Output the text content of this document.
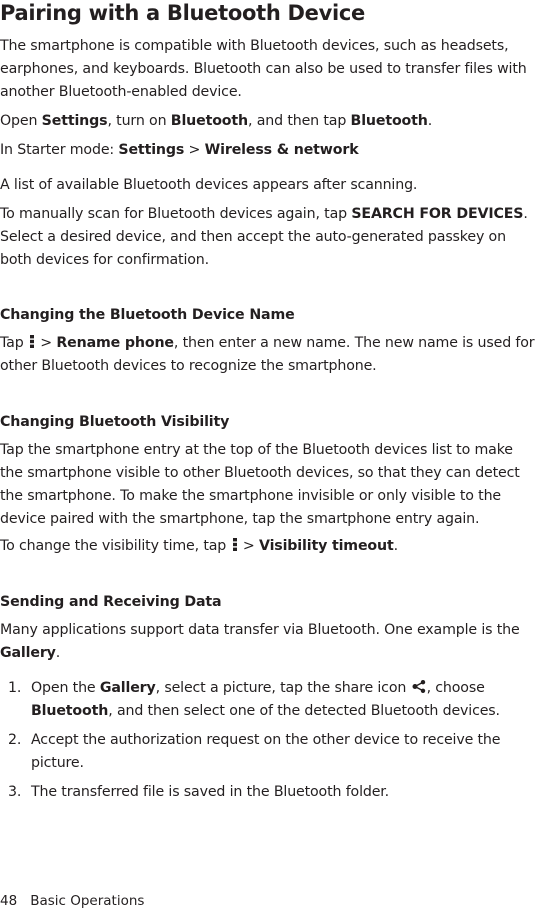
Pairing with a Bluetooth Device
The smartphone is compatible with Bluetooth devices, such as headsets,
earphones, and keyboards. Bluetooth can also be used to transfer files with
another Bluetooth-enabled device.
Open Settings, turn on Bluetooth, and then tap Bluetooth.
In Starter mode: Settings > Wireless & network
A list of available Bluetooth devices appears after scanning.
To manually scan for Bluetooth devices again, tap SEARCH FOR DEVICES.
Select a desired device, and then accept the auto-generated passkey on
both devices for confirmation.
Changing the Bluetooth Device Name
Tap  > Rename phone, then enter a new name. The new name is used for
other Bluetooth devices to recognize the smartphone.
Changing Bluetooth Visibility
Tap the smartphone entry at the top of the Bluetooth devices list to make
the smartphone visible to other Bluetooth devices, so that they can detect
the smartphone. To make the smartphone invisible or only visible to the
device paired with the smartphone, tap the smartphone entry again.
To change the visibility time, tap  > Visibility timeout.
Sending and Receiving Data
Many applications support data transfer via Bluetooth. One example is the
Gallery.
1. Open the Gallery, select a picture, tap the share icon , choose
Bluetooth, and then select one of the detected Bluetooth devices.
2. Accept the authorization request on the other device to receive the
picture.
3. The transferred file is saved in the Bluetooth folder.
48 Basic Operations
